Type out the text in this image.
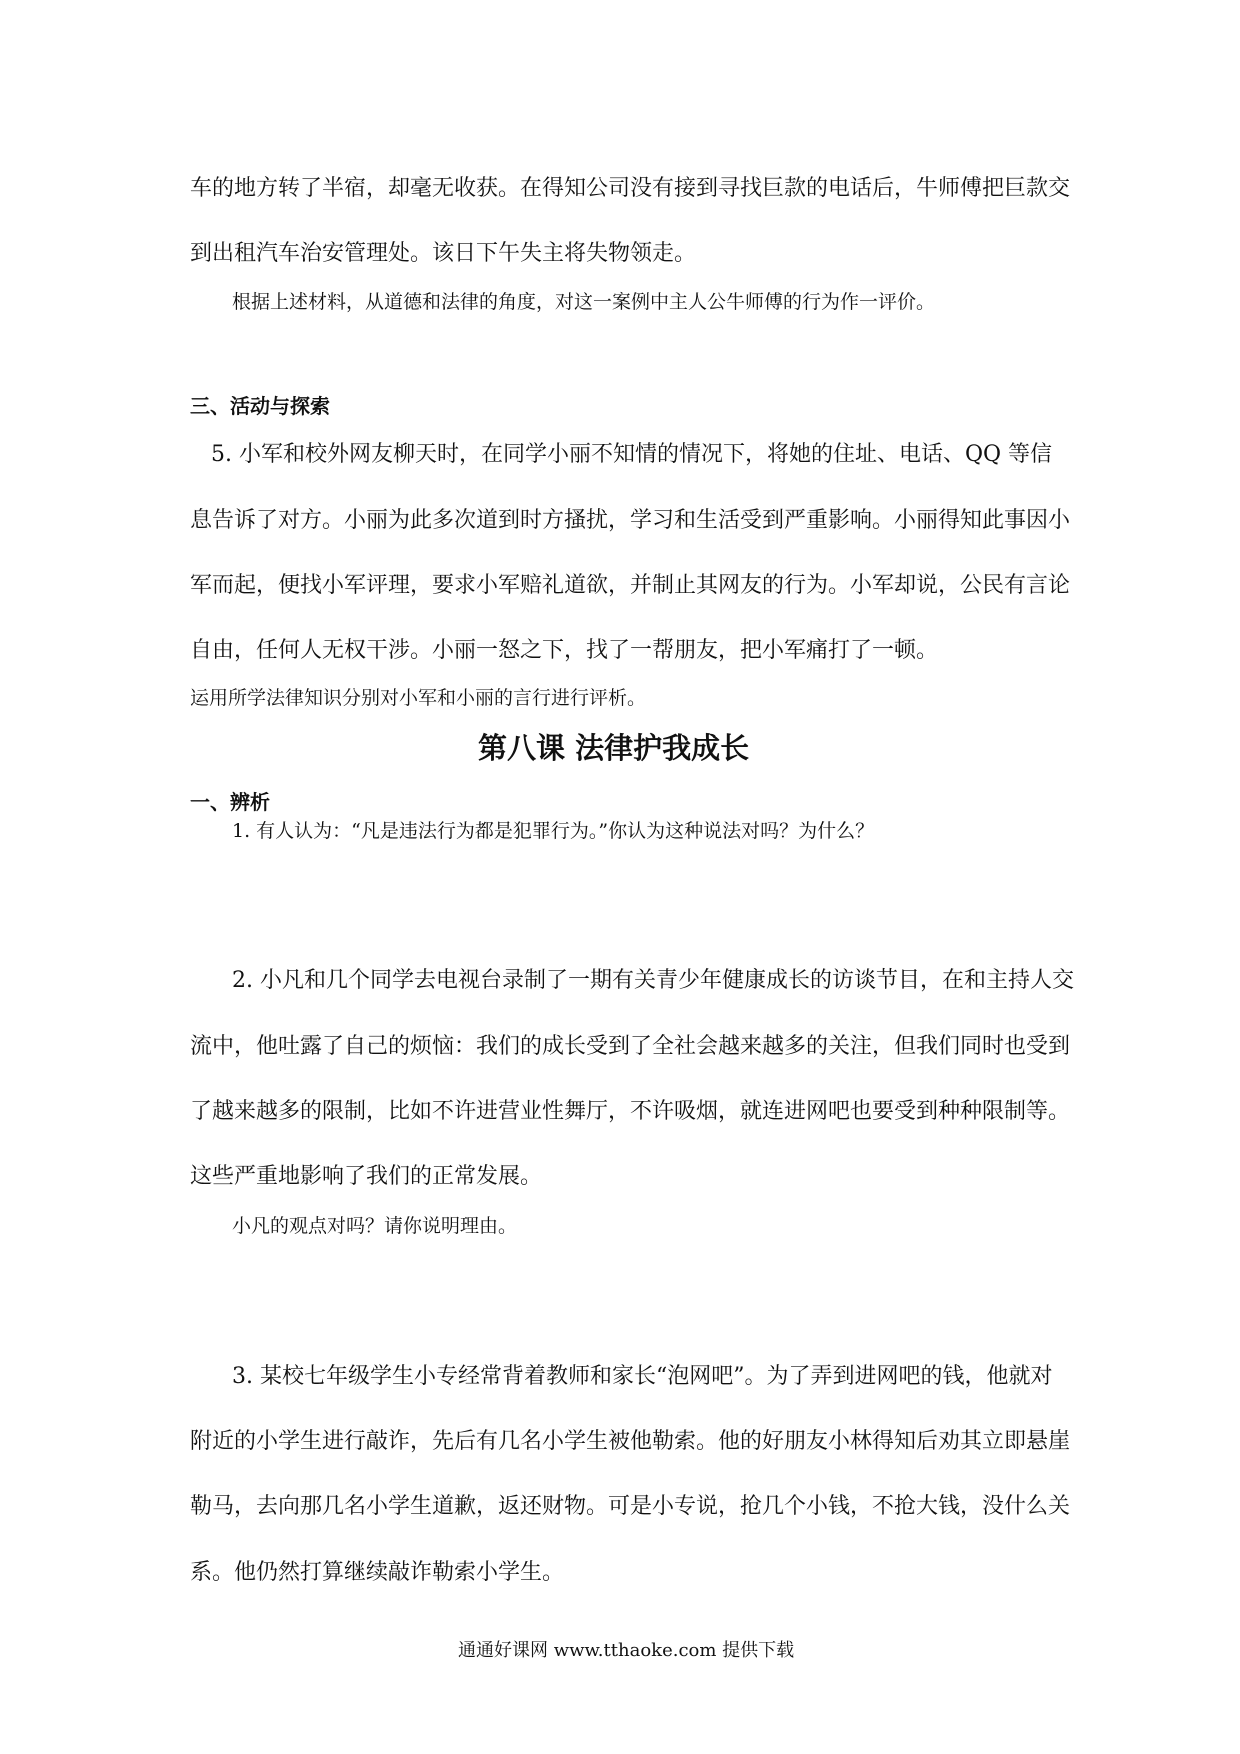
车的地方转了半宿，却毫无收获。在得知公司没有接到寻找巨款的电话后，牛师傅把巨款交
到出租汽车治安管理处。该日下午失主将失物领走。
根据上述材料，从道德和法律的角度，对这一案例中主人公牛师傅的行为作一评价。
三、活动与探索
5. 小军和校外网友柳天时，在同学小丽不知情的情况下，将她的住址、电话、QQ 等信
息告诉了对方。小丽为此多次道到时方搔扰，学习和生活受到严重影响。小丽得知此事因小
军而起，便找小军评理，要求小军赔礼道欲，并制止其网友的行为。小军却说，公民有言论
自由，任何人无权干涉。小丽一怒之下，找了一帮朋友，把小军痛打了一顿。
运用所学法律知识分别对小军和小丽的言行进行评析。
第八课 法律护我成长
一、辨析
1. 有人认为：“凡是违法行为都是犯罪行为。”你认为这种说法对吗？为什么？
2. 小凡和几个同学去电视台录制了一期有关青少年健康成长的访谈节目，在和主持人交
流中，他吐露了自己的烦恼：我们的成长受到了全社会越来越多的关注，但我们同时也受到
了越来越多的限制，比如不许进营业性舞厅，不许吸烟，就连进网吧也要受到种种限制等。
这些严重地影响了我们的正常发展。
小凡的观点对吗？请你说明理由。
3. 某校七年级学生小专经常背着教师和家长“泡网吧”。为了弄到进网吧的钱，他就对
附近的小学生进行敲诈，先后有几名小学生被他勒索。他的好朋友小林得知后劝其立即悬崖
勒马，去向那几名小学生道歉，返还财物。可是小专说，抢几个小钱，不抢大钱，没什么关
系。他仍然打算继续敲诈勒索小学生。
通通好课网 www.tthaoke.com 提供下载
